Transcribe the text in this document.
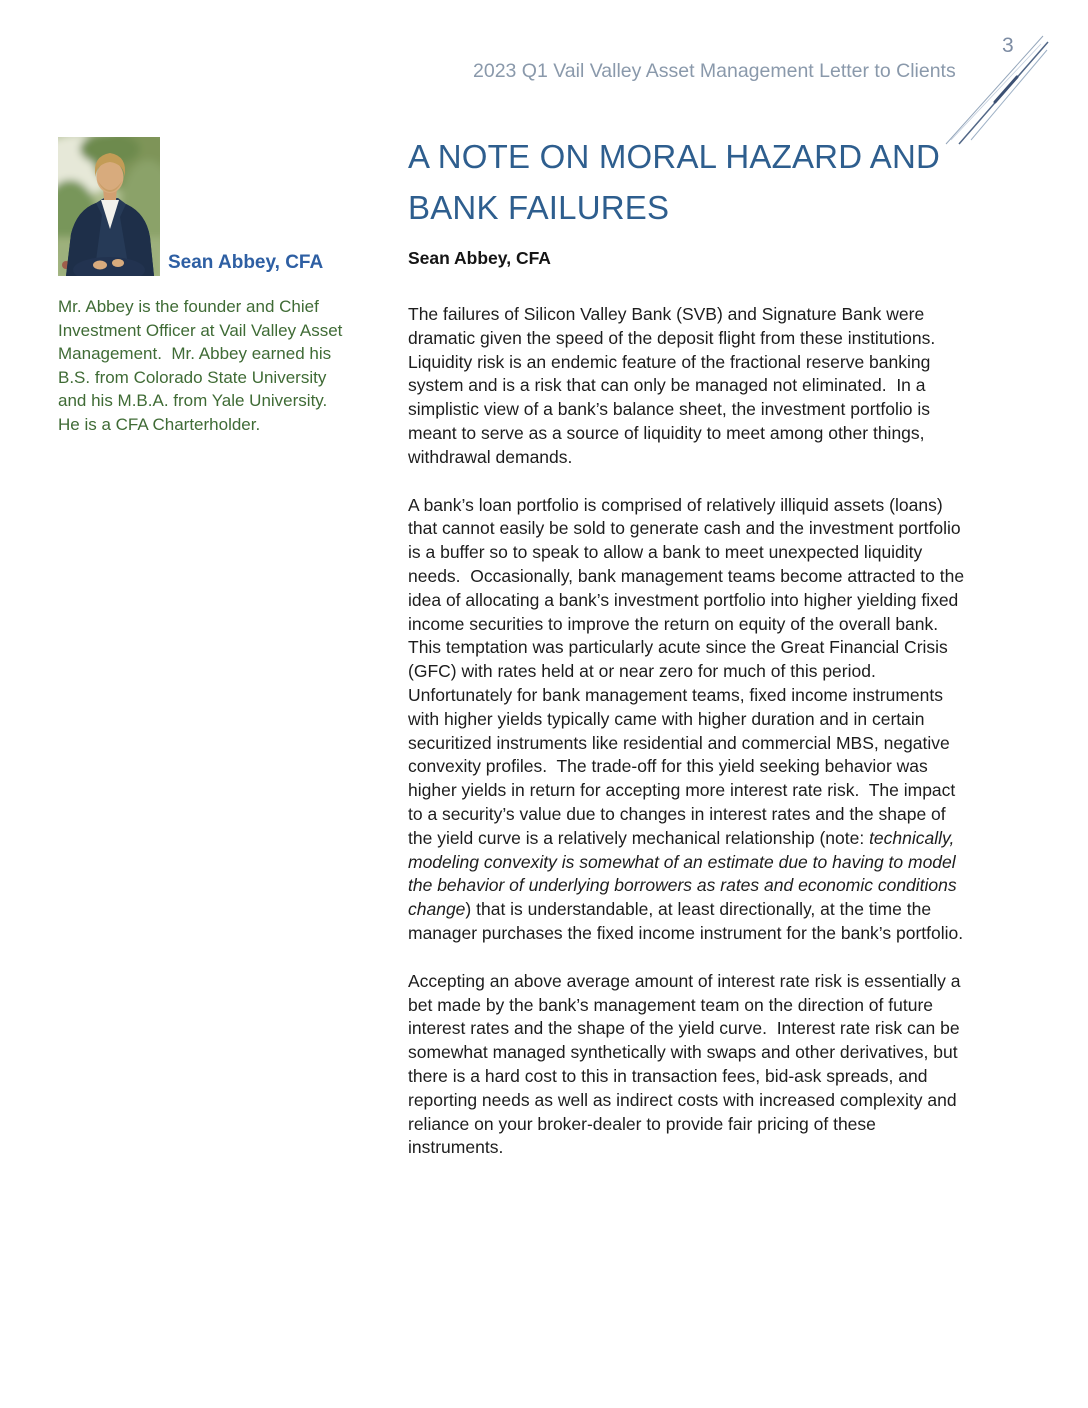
3
2023 Q1 Vail Valley Asset Management Letter to Clients
Sean Abbey, CFA
Mr. Abbey is the founder and Chief Investment Officer at Vail Valley Asset Management.  Mr. Abbey earned his B.S. from Colorado State University and his M.B.A. from Yale University.  He is a CFA Charterholder.
A NOTE ON MORAL HAZARD AND
BANK FAILURES
Sean Abbey, CFA

The failures of Silicon Valley Bank (SVB) and Signature Bank were dramatic given the speed of the deposit flight from these institutions.  Liquidity risk is an endemic feature of the fractional reserve banking system and is a risk that can only be managed not eliminated.  In a simplistic view of a bank’s balance sheet, the investment portfolio is meant to serve as a source of liquidity to meet among other things, withdrawal demands.

A bank’s loan portfolio is comprised of relatively illiquid assets (loans) that cannot easily be sold to generate cash and the investment portfolio is a buffer so to speak to allow a bank to meet unexpected liquidity needs.  Occasionally, bank management teams become attracted to the idea of allocating a bank’s investment portfolio into higher yielding fixed income securities to improve the return on equity of the overall bank.  This temptation was particularly acute since the Great Financial Crisis (GFC) with rates held at or near zero for much of this period.  Unfortunately for bank management teams, fixed income instruments with higher yields typically came with higher duration and in certain securitized instruments like residential and commercial MBS, negative convexity profiles.  The trade-off for this yield seeking behavior was higher yields in return for accepting more interest rate risk.  The impact to a security’s value due to changes in interest rates and the shape of the yield curve is a relatively mechanical relationship (note: technically, modeling convexity is somewhat of an estimate due to having to model the behavior of underlying borrowers as rates and economic conditions change) that is understandable, at least directionally, at the time the manager purchases the fixed income instrument for the bank’s portfolio.

Accepting an above average amount of interest rate risk is essentially a bet made by the bank’s management team on the direction of future interest rates and the shape of the yield curve.  Interest rate risk can be somewhat managed synthetically with swaps and other derivatives, but there is a hard cost to this in transaction fees, bid-ask spreads, and reporting needs as well as indirect costs with increased complexity and reliance on your broker-dealer to provide fair pricing of these instruments.
